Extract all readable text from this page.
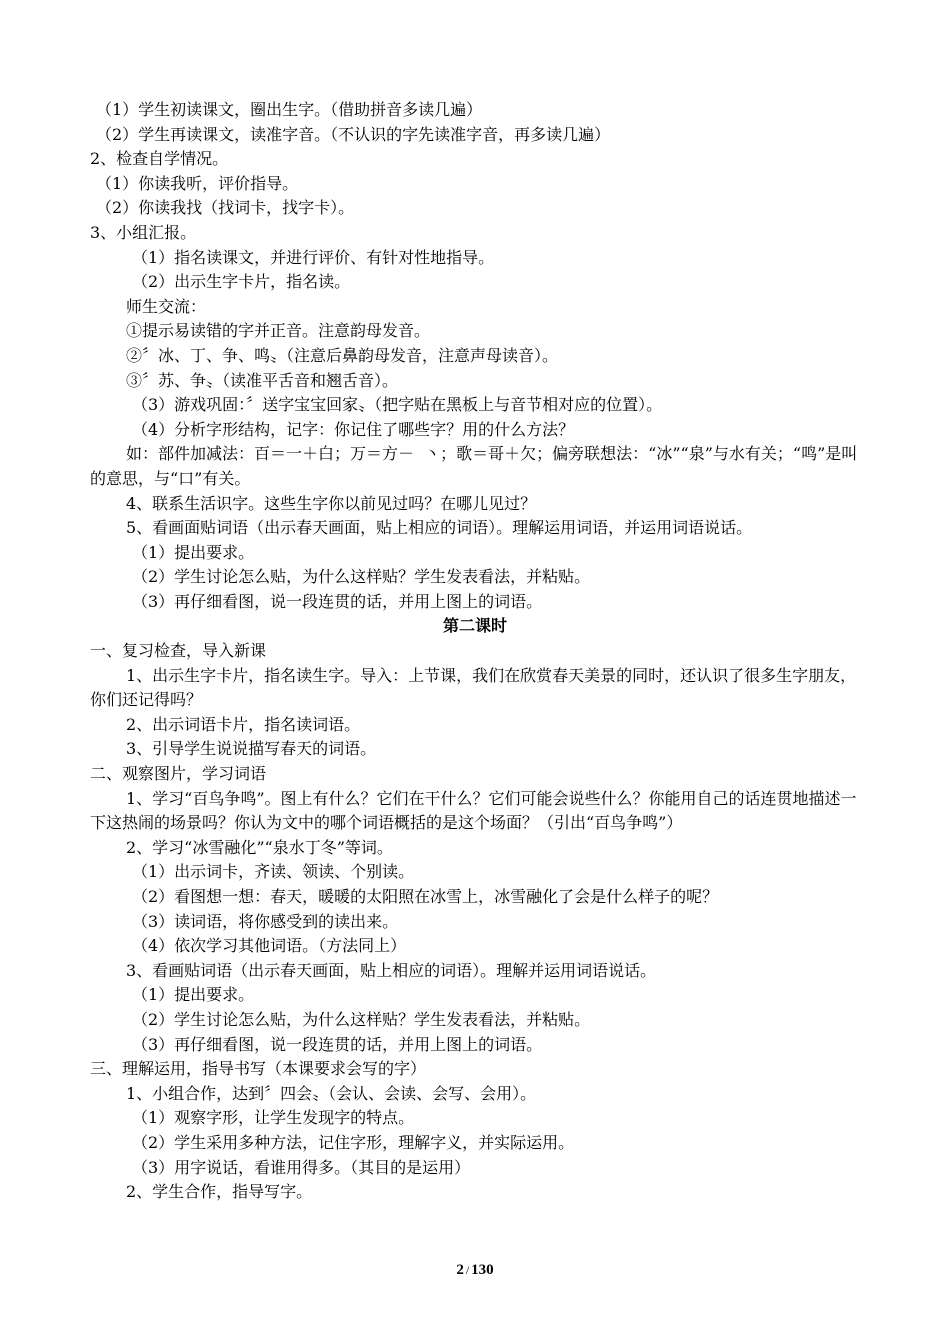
（1）学生初读课文，圈出生字。（借助拼音多读几遍）

（2）学生再读课文，读准字音。（不认识的字先读准字音，再多读几遍）

2、检查自学情况。

（1）你读我听，评价指导。

（2）你读我找（找词卡，找字卡）。

3、小组汇报。

（1）指名读课文，并进行评价、有针对性地指导。

（2）出示生字卡片，指名读。

师生交流：

①提示易读错的字并正音。注意韵母发音。

②〞冰、丁、争、鸣〟（注意后鼻韵母发音，注意声母读音）。

③〞苏、争〟（读准平舌音和翘舌音）。

（3）游戏巩固：〞送字宝宝回家〟（把字贴在黑板上与音节相对应的位置）。

（4）分析字形结构，记字：你记住了哪些字？用的什么方法？

如：部件加减法：百＝一＋白；万＝方－  丶；歌＝哥＋欠；偏旁联想法：“冰”“泉”与水有关；“鸣”是叫的意思，与“口”有关。

4、联系生活识字。这些生字你以前见过吗？在哪儿见过？

5、看画面贴词语（出示春天画面，贴上相应的词语）。理解运用词语，并运用词语说话。

（1）提出要求。

（2）学生讨论怎么贴，为什么这样贴？学生发表看法，并粘贴。

（3）再仔细看图，说一段连贯的话，并用上图上的词语。

第二课时

一、复习检查，导入新课

1、出示生字卡片，指名读生字。导入：上节课，我们在欣赏春天美景的同时，还认识了很多生字朋友，你们还记得吗？

2、出示词语卡片，指名读词语。

3、引导学生说说描写春天的词语。

二、观察图片，学习词语

1、学习“百鸟争鸣”。图上有什么？它们在干什么？它们可能会说些什么？你能用自己的话连贯地描述一下这热闹的场景吗？你认为文中的哪个词语概括的是这个场面？（引出“百鸟争鸣”）

2、学习“冰雪融化”“泉水丁冬”等词。

（1）出示词卡，齐读、领读、个别读。

（2）看图想一想：春天，暖暖的太阳照在冰雪上，冰雪融化了会是什么样子的呢？

（3）读词语，将你感受到的读出来。

（4）依次学习其他词语。（方法同上）

3、看画贴词语（出示春天画面，贴上相应的词语）。理解并运用词语说话。

（1）提出要求。

（2）学生讨论怎么贴，为什么这样贴？学生发表看法，并粘贴。

（3）再仔细看图，说一段连贯的话，并用上图上的词语。

三、理解运用，指导书写（本课要求会写的字）

1、小组合作，达到〞四会〟（会认、会读、会写、会用）。

（1）观察字形，让学生发现字的特点。

（2）学生采用多种方法，记住字形，理解字义，并实际运用。

（3）用字说话，看谁用得多。（其目的是运用）

2、学生合作，指导写字。

2 / 130
